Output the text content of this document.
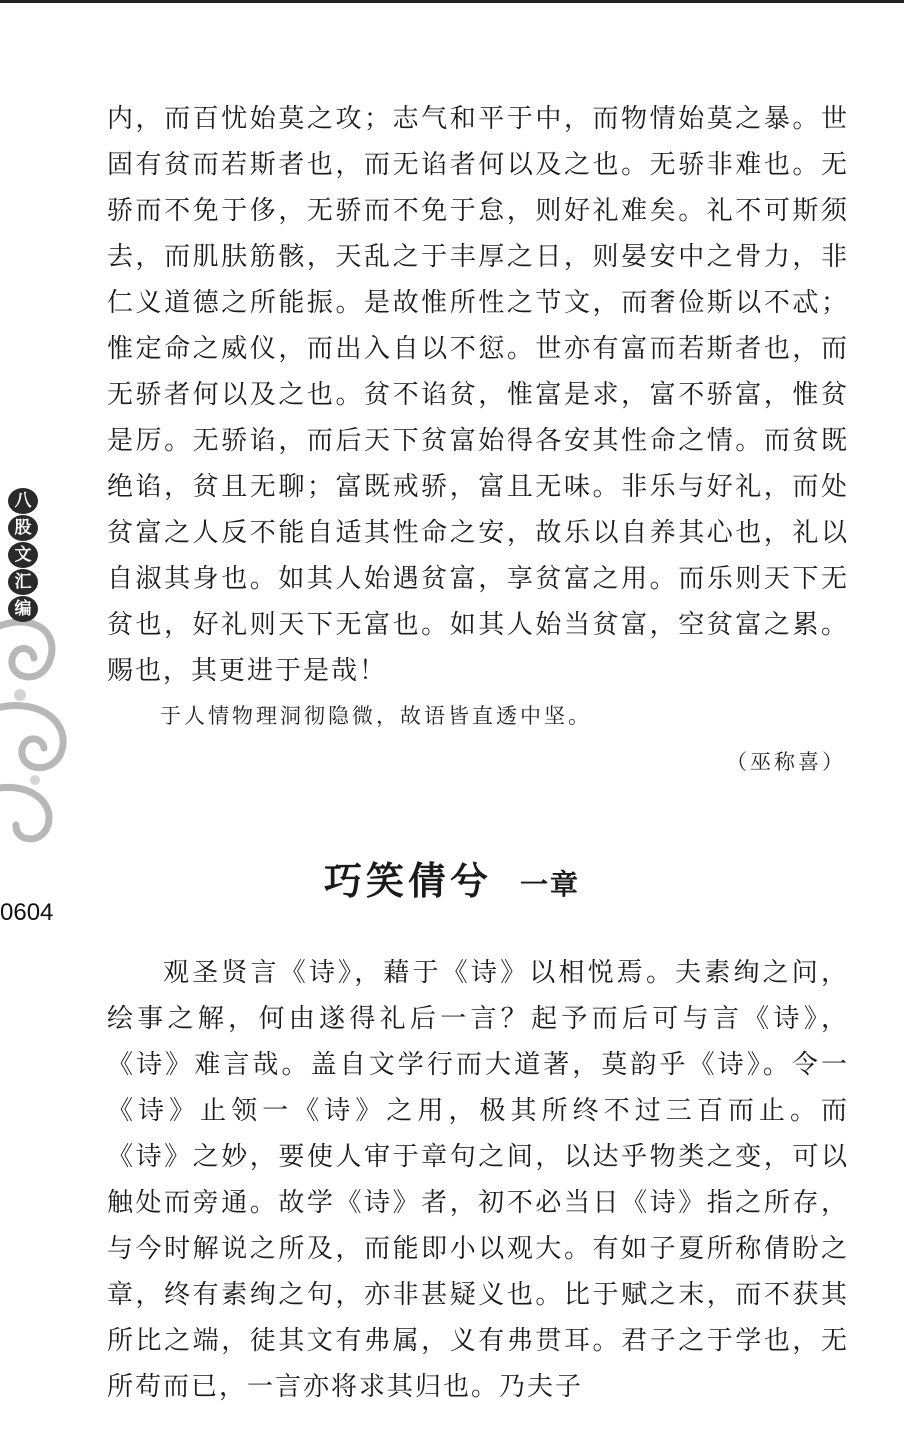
八
股
文
汇
编
0604

内，而百忧始莫之攻；志气和平于中，而物情始莫之暴。世固有贫而若斯者也，而无谄者何以及之也。无骄非难也。无骄而不免于侈，无骄而不免于怠，则好礼难矣。礼不可斯须去，而肌肤筋骸，天乱之于丰厚之日，则晏安中之骨力，非仁义道德之所能振。是故惟所性之节文，而奢俭斯以不忒；惟定命之威仪，而出入自以不愆。世亦有富而若斯者也，而无骄者何以及之也。贫不谄贫，惟富是求，富不骄富，惟贫是厉。无骄谄，而后天下贫富始得各安其性命之情。而贫既绝谄，贫且无聊；富既戒骄，富且无味。非乐与好礼，而处贫富之人反不能自适其性命之安，故乐以自养其心也，礼以自淑其身也。如其人始遇贫富，享贫富之用。而乐则天下无贫也，好礼则天下无富也。如其人始当贫富，空贫富之累。赐也，其更进于是哉！

于人情物理洞彻隐微，故语皆直透中坚。
（巫称喜）
巧笑倩兮 一章

观圣贤言《诗》，藉于《诗》以相悦焉。夫素绚之问，绘事之解，何由遂得礼后一言？起予而后可与言《诗》，《诗》难言哉。盖自文学行而大道著，莫韵乎《诗》。令一《诗》止领一《诗》之用，极其所终不过三百而止。而《诗》之妙，要使人审于章句之间，以达乎物类之变，可以触处而旁通。故学《诗》者，初不必当日《诗》指之所存，与今时解说之所及，而能即小以观大。有如子夏所称倩盼之章，终有素绚之句，亦非甚疑义也。比于赋之末，而不获其所比之端，徒其文有弗属，义有弗贯耳。君子之于学也，无所苟而已，一言亦将求其归也。乃夫子
